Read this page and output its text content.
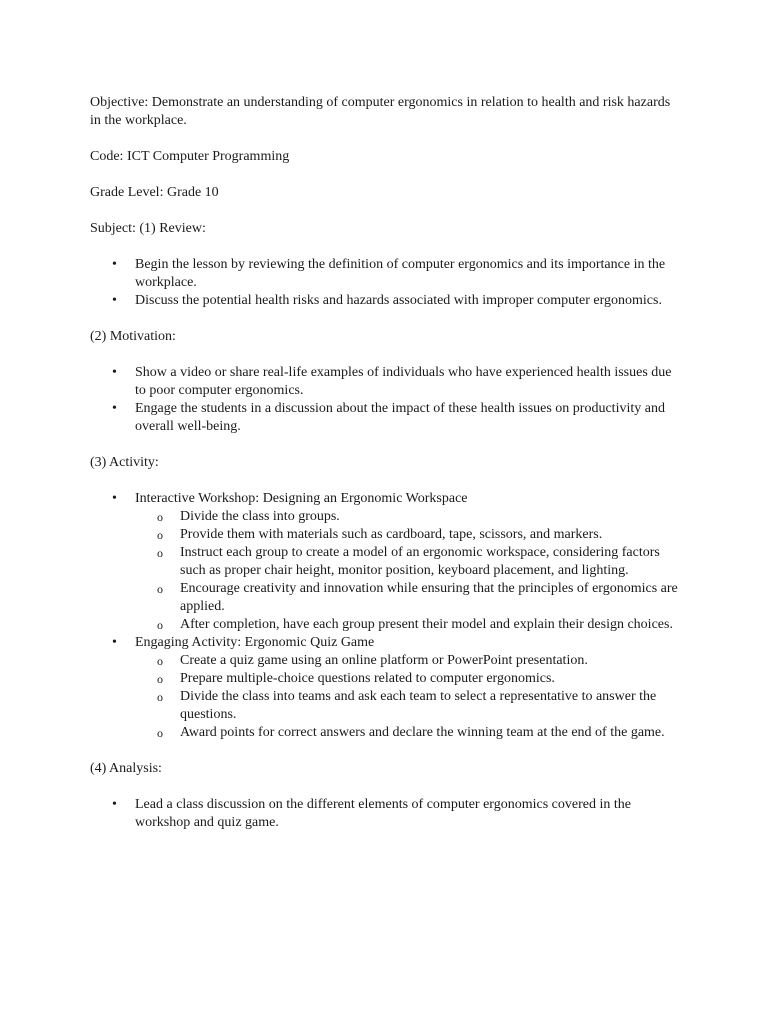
Objective: Demonstrate an understanding of computer ergonomics in relation to health and risk hazards in the workplace.

Code: ICT Computer Programming

Grade Level: Grade 10

Subject: (1) Review:

• Begin the lesson by reviewing the definition of computer ergonomics and its importance in the workplace.
• Discuss the potential health risks and hazards associated with improper computer ergonomics.

(2) Motivation:

• Show a video or share real-life examples of individuals who have experienced health issues due to poor computer ergonomics.
• Engage the students in a discussion about the impact of these health issues on productivity and overall well-being.

(3) Activity:

• Interactive Workshop: Designing an Ergonomic Workspace
o Divide the class into groups.
o Provide them with materials such as cardboard, tape, scissors, and markers.
o Instruct each group to create a model of an ergonomic workspace, considering factors such as proper chair height, monitor position, keyboard placement, and lighting.
o Encourage creativity and innovation while ensuring that the principles of ergonomics are applied.
o After completion, have each group present their model and explain their design choices.
• Engaging Activity: Ergonomic Quiz Game
o Create a quiz game using an online platform or PowerPoint presentation.
o Prepare multiple-choice questions related to computer ergonomics.
o Divide the class into teams and ask each team to select a representative to answer the questions.
o Award points for correct answers and declare the winning team at the end of the game.

(4) Analysis:

• Lead a class discussion on the different elements of computer ergonomics covered in the workshop and quiz game.
